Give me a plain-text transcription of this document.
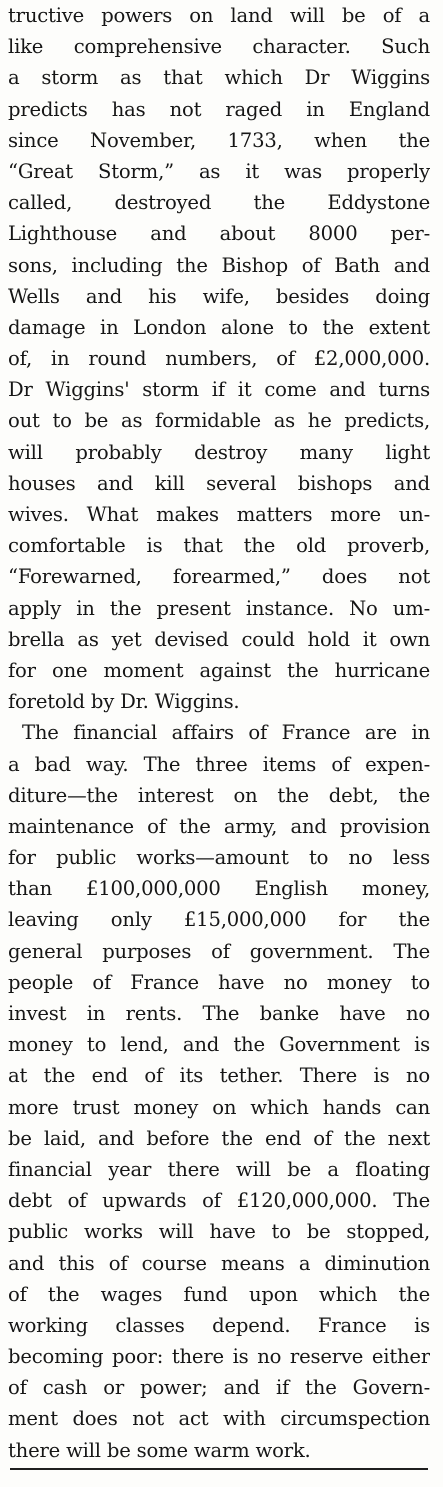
tructive powers on land will be of a
like comprehensive character. Such
a storm as that which Dr Wiggins
predicts has not raged in England
since November, 1733, when the
“Great Storm,” as it was properly
called, destroyed the Eddystone
Lighthouse and about 8000 per-
sons, including the Bishop of Bath and
Wells and his wife, besides doing
damage in London alone to the extent
of, in round numbers, of £2,000,000.
Dr Wiggins' storm if it come and turns
out to be as formidable as he predicts,
will probably destroy many light
houses and kill several bishops and
wives. What makes matters more un-
comfortable is that the old proverb,
“Forewarned, forearmed,” does not
apply in the present instance. No um-
brella as yet devised could hold it own
for one moment against the hurricane
foretold by Dr. Wiggins.
The financial affairs of France are in
a bad way. The three items of expen-
diture—the interest on the debt, the
maintenance of the army, and provision
for public works—amount to no less
than £100,000,000 English money,
leaving only £15,000,000 for the
general purposes of government. The
people of France have no money to
invest in rents. The banke have no
money to lend, and the Government is
at the end of its tether. There is no
more trust money on which hands can
be laid, and before the end of the next
financial year there will be a floating
debt of upwards of £120,000,000. The
public works will have to be stopped,
and this of course means a diminution
of the wages fund upon which the
working classes depend. France is
becoming poor: there is no reserve either
of cash or power; and if the Govern-
ment does not act with circumspection
there will be some warm work.
